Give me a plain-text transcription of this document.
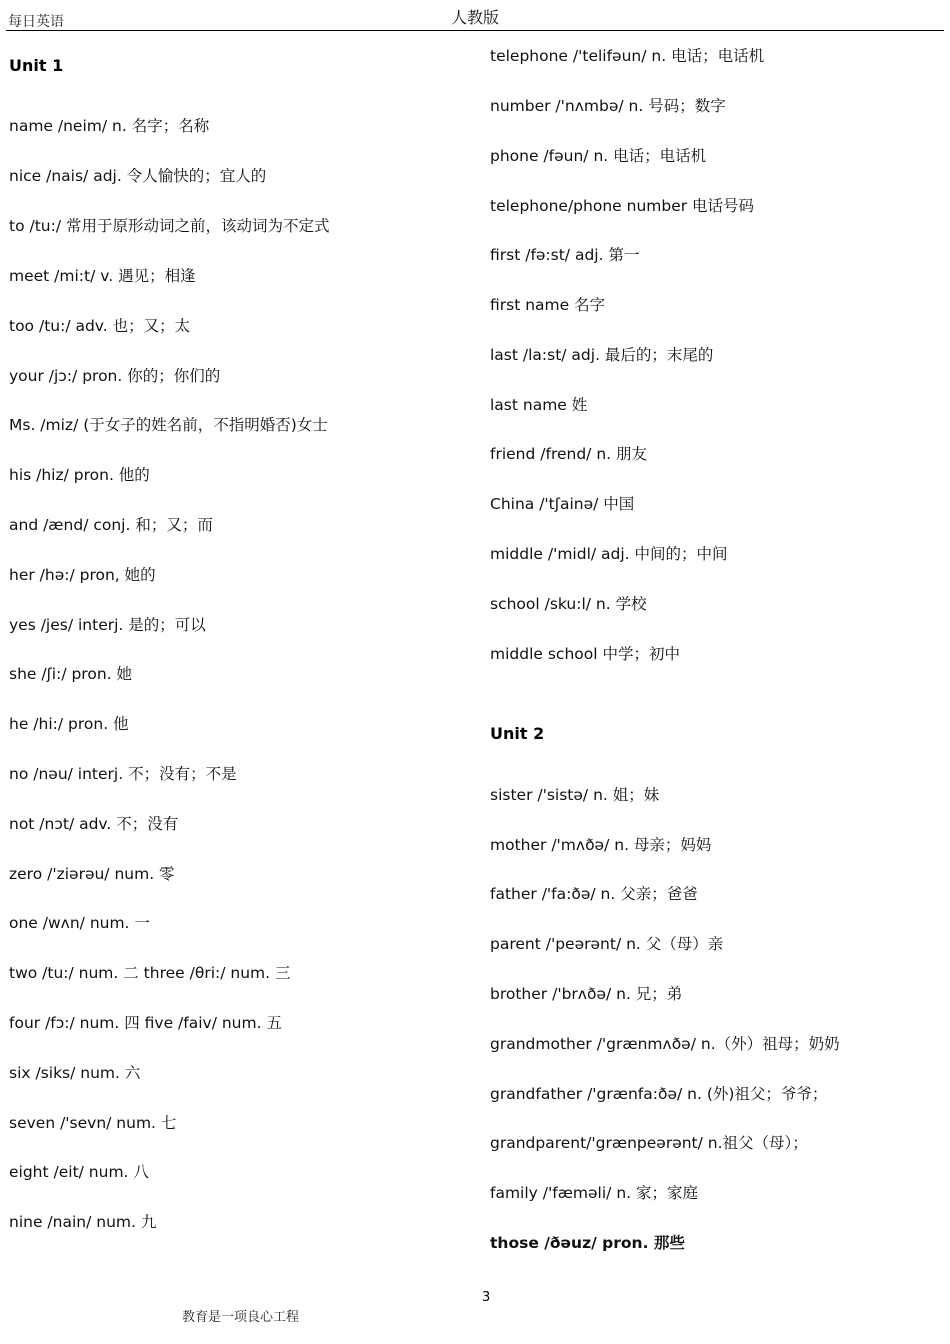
每日英语	人教版
Unit 1
name /neim/ n. 名字；名称
nice /nais/ adj. 令人愉快的；宜人的
to /tu:/ 常用于原形动词之前，该动词为不定式
meet /mi:t/ v. 遇见；相逢
too /tu:/ adv. 也；又；太
your /jɔ:/ pron. 你的；你们的
Ms. /miz/ (于女子的姓名前，不指明婚否)女士
his /hiz/ pron. 他的
and /ænd/ conj. 和；又；而
her /hə:/ pron, 她的
yes /jes/ interj. 是的；可以
she /ʃi:/ pron. 她
he /hi:/ pron. 他
no /nəu/ interj. 不；没有；不是
not /nɔt/ adv. 不；没有
zero /'ziərəu/ num. 零
one /wʌn/ num. 一
two /tu:/ num. 二 three /θri:/ num. 三
four /fɔ:/ num. 四 five /faiv/ num. 五
six /siks/ num. 六
seven /'sevn/ num. 七
eight /eit/ num. 八
nine /nain/ num. 九
telephone /'telifəun/ n. 电话；电话机
number /'nʌmbə/ n. 号码；数字
phone /fəun/ n. 电话；电话机
telephone/phone number 电话号码
first /fə:st/ adj. 第一
first name 名字
last /la:st/ adj. 最后的；末尾的
last name 姓
friend /frend/ n. 朋友
China /'tʃainə/ 中国
middle /'midl/ adj. 中间的；中间
school /sku:l/ n. 学校
middle school 中学；初中
Unit 2
sister /'sistə/ n. 姐；妹
mother /'mʌðə/ n. 母亲；妈妈
father /'fa:ðə/ n. 父亲；爸爸
parent /'peərənt/ n. 父（母）亲
brother /'brʌðə/ n. 兄；弟
grandmother /'grænmʌðə/ n.（外）祖母；奶奶
grandfather /'grænfa:ðə/ n. (外)祖父；爷爷；
grandparent/'grænpeərənt/ n.祖父（母）；
family /'fæməli/ n. 家；家庭
those /ðəuz/ pron. 那些
3
教育是一项良心工程
